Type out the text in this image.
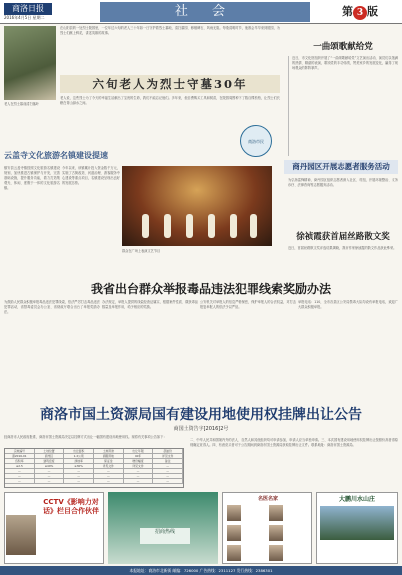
商洛日报
2016年4月5日 星期二	社 会	第 3 版
老人在烈士墓前清扫落叶
在山阳县的一处烈士陵园里，一位年过六旬的老人三十年如一日守护着烈士墓地，清扫墓园、修缮碑石，风雨无阻。每逢清明时节，他都会早早来到陵园，为烈士们献上鲜花，讲述英雄的故事。
六旬老人为烈士守墓30年
老人说，这些烈士为了今天的幸福生活献出了宝贵的生命，我们不能忘记他们。多年来，他自费购买工具和树苗，在陵园周围种下了数百棵松柏，让烈士们长眠在青山绿水之间。
一曲颂歌献给党
近日，市文化馆组织开展了“一曲颂歌献给党”文艺演出活动，演员们以饱满的热情、精湛的表演，歌颂党的丰功伟绩，赞美家乡的发展变化，赢得了现场观众的阵阵掌声。
商丹园区开展志愿者服务活动
为弘扬雷锋精神，商丹园区组织志愿者深入社区、村组，开展环境整治、义务诊疗、法律咨询等志愿服务活动。
徐祯霞获首届丝路散文奖
近日，首届丝路散文奖评选结果揭晓，我市作家徐祯霞的散文作品获此殊荣。
商洛市民
云盖寺文化旅游名镇建设提速
镇安县云盖寺镇按照文化旅游名镇建设规划，加快推进古镇保护与开发，完善基础设施，提升服务功能，着力打造集观光、休闲、度假于一体的文化旅游名镇。
今年以来，该镇累计投入资金数千万元，实施了古街改造、河道治理、游客服务中心建设等重点项目，名镇建设呈现出良好的发展态势。
群众在广场上表演文艺节目
我省出台群众举报毒品违法犯罪线索奖励办法
为鼓励人民群众积极举报毒品违法犯罪线索，依法严厉打击毒品违法犯罪活动，省禁毒委员会办公室、省财政厅联合出台了举报奖励办法。
办法规定，举报人提供的线索经查证属实，根据案件性质、缴获毒品数量及举报作用，给予相应的奖励。
公安机关对举报人的信息严格保密，保护举报人的合法权益，对打击报复举报人的依法予以严惩。
举报电话：110，全市各县区公安局禁毒大队均设有举报电话，欢迎广大群众积极举报。
商洛市国土资源局国有建设用地使用权挂牌出让公告
商国土资告字[2016]2号
经商洛市人民政府批准，商洛市国土资源局决定以挂牌方式出让一幅国有建设用地使用权。现将有关事项公告如下：
宗地编号	土地位置	出让面积	土地用途	出让年限	起始价
商2016-01	商州区	1.2公顷	商服用地	40年	详见文件
容积率	建筑密度	绿地率	保证金	增价幅度	备注
≤2.5	≤40%	≥30%	详见文件	详见文件	—
—	—	—	—	—	—
—	—	—	—	—	—
—	—	—	—	—	—
二、中华人民共和国境内外的法人、自然人和其他组织均可申请参加，申请人应当单独申请。三、本次国有建设用地使用权挂牌出让按照价高者得原则确定竞得人。四、有意竞买者可于公告期间到商洛市国土资源局获取挂牌出让文件。联系地址：商洛市国土资源局。
CCTV《影响力对话》栏目合作伙伴
招商热线
名医名家	大鹏川水山庄
本报地址：商洛市北新街 邮编：726000 广告热线：2311127 发行热线：2386301
